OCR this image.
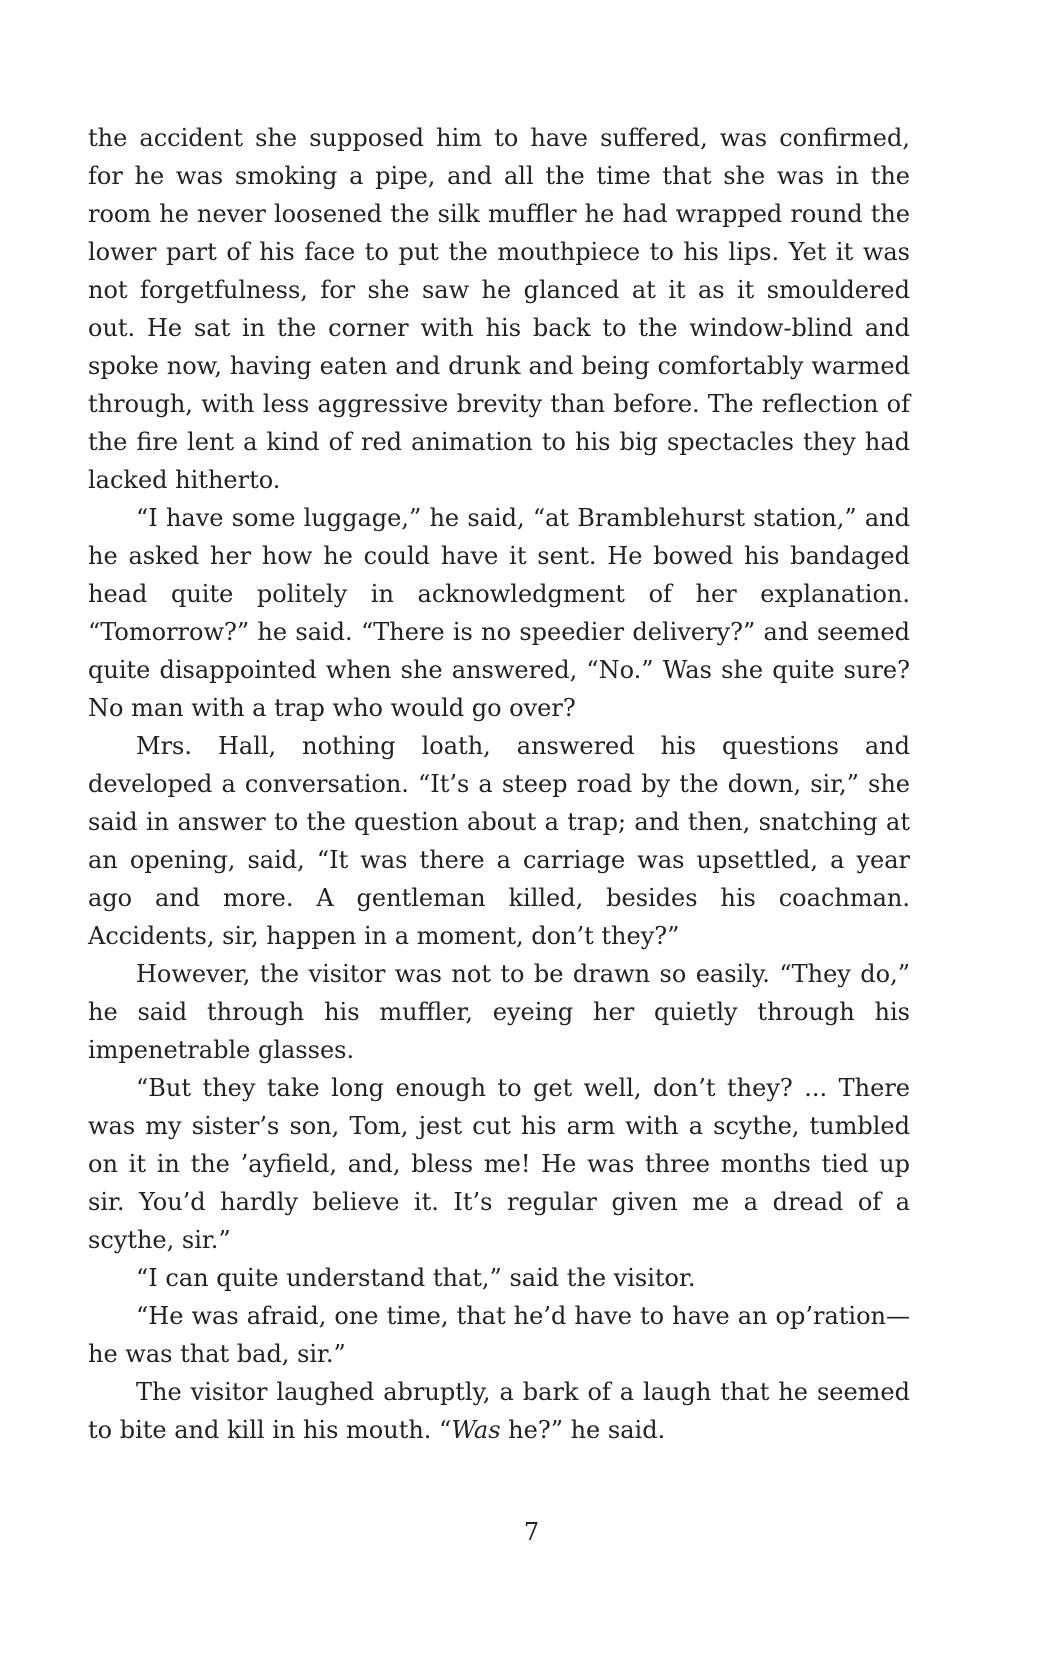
the accident she supposed him to have suffered, was confirmed, for he was smoking a pipe, and all the time that she was in the room he never loosened the silk muffler he had wrapped round the lower part of his face to put the mouthpiece to his lips. Yet it was not forgetfulness, for she saw he glanced at it as it smouldered out. He sat in the corner with his back to the window-blind and spoke now, having eaten and drunk and being comfortably warmed through, with less aggressive brevity than before. The reflection of the fire lent a kind of red animation to his big spectacles they had lacked hitherto.

“I have some luggage,” he said, “at Bramblehurst station,” and he asked her how he could have it sent. He bowed his bandaged head quite politely in acknowledgment of her explanation. “Tomorrow?” he said. “There is no speedier delivery?” and seemed quite disappointed when she answered, “No.” Was she quite sure? No man with a trap who would go over?

Mrs. Hall, nothing loath, answered his questions and developed a conversation. “It’s a steep road by the down, sir,” she said in answer to the question about a trap; and then, snatching at an opening, said, “It was there a carriage was upsettled, a year ago and more. A gentleman killed, besides his coachman. Accidents, sir, happen in a moment, don’t they?”

However, the visitor was not to be drawn so easily. “They do,” he said through his muffler, eyeing her quietly through his impenetrable glasses.

“But they take long enough to get well, don’t they? ... There was my sister’s son, Tom, jest cut his arm with a scythe, tumbled on it in the ’ayfield, and, bless me! He was three months tied up sir. You’d hardly believe it. It’s regular given me a dread of a scythe, sir.”

“I can quite understand that,” said the visitor.

“He was afraid, one time, that he’d have to have an op’ration—he was that bad, sir.”

The visitor laughed abruptly, a bark of a laugh that he seemed to bite and kill in his mouth. “Was he?” he said.

7
